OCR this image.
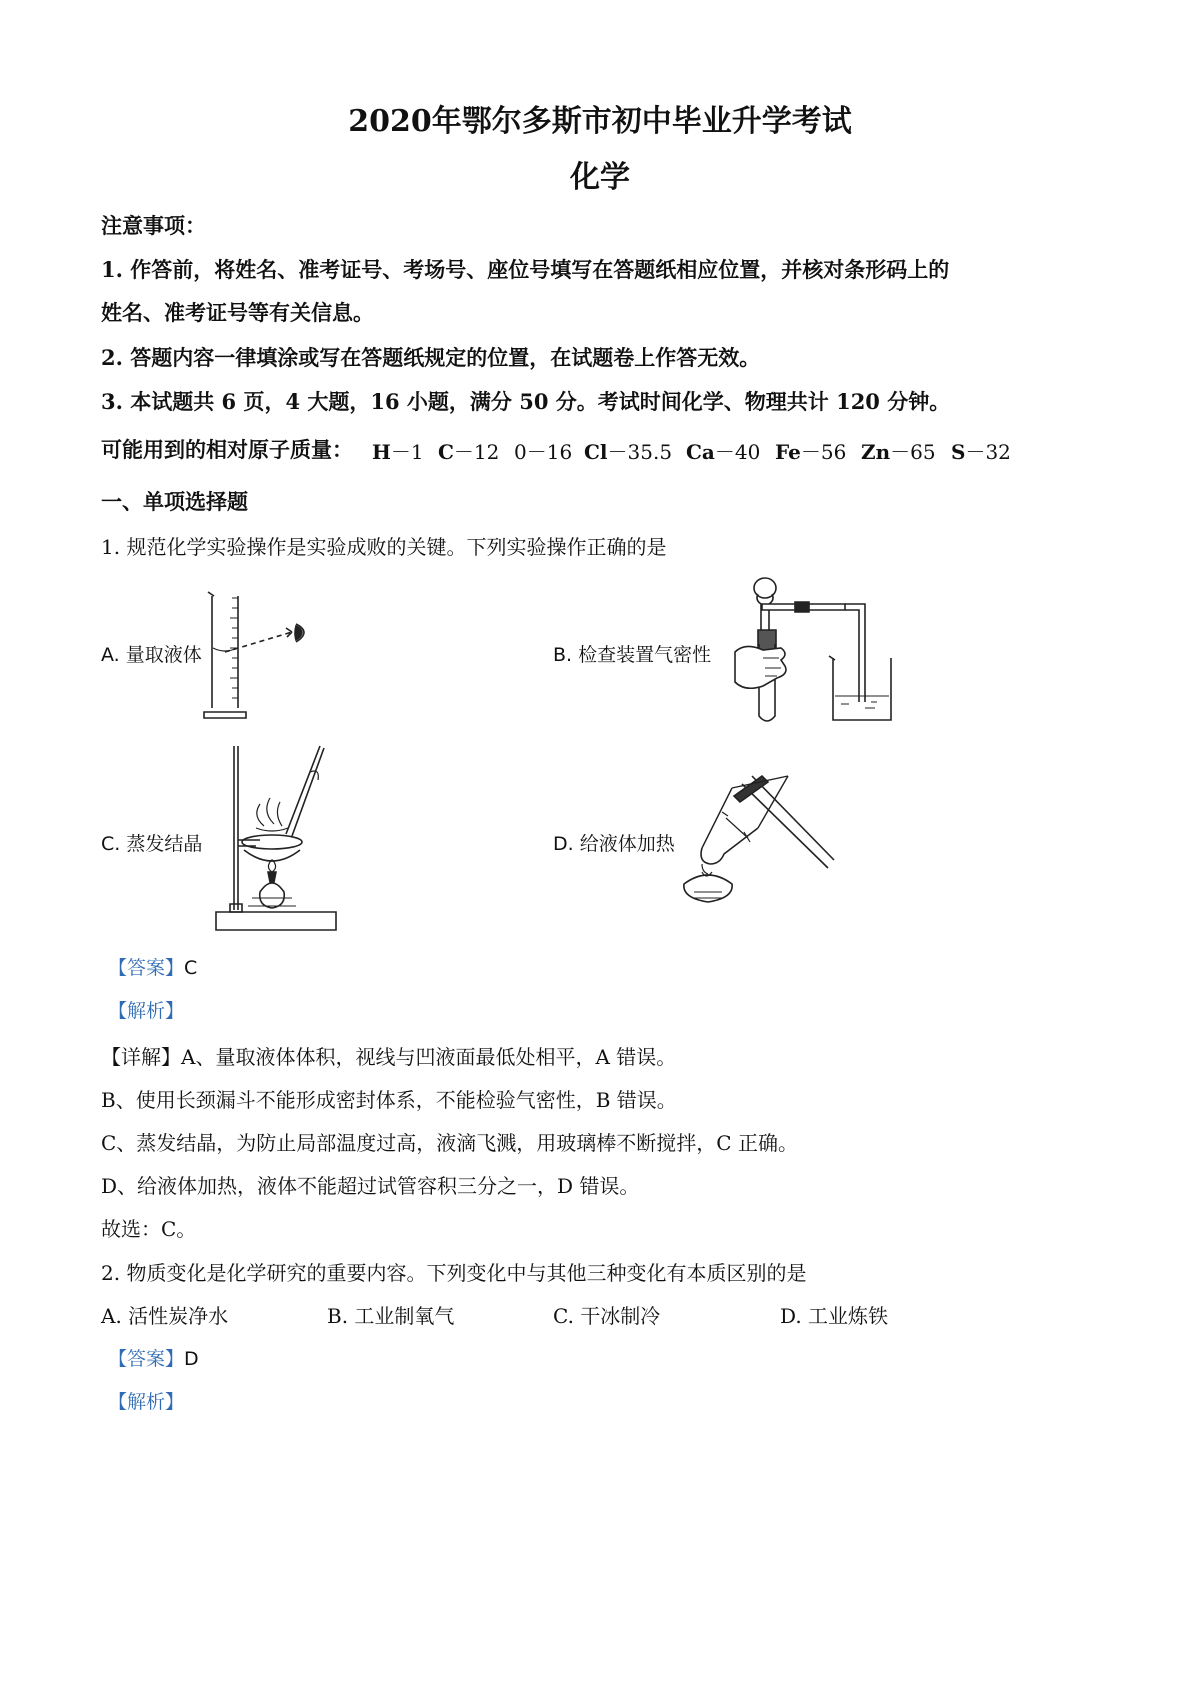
2020年鄂尔多斯市初中毕业升学考试
化学
注意事项：
1. 作答前，将姓名、准考证号、考场号、座位号填写在答题纸相应位置，并核对条形码上的
姓名、准考证号等有关信息。
2. 答题内容一律填涂或写在答题纸规定的位置，在试题卷上作答无效。
3. 本试题共 6 页，4 大题，16 小题，满分 50 分。考试时间化学、物理共计 120 分钟。
可能用到的相对原子质量： H－1 C－12 0－16 Cl－35.5 Ca－40 Fe－56 Zn－65 S－32
一、单项选择题
1. 规范化学实验操作是实验成败的关键。下列实验操作正确的是
A. 量取液体	B. 检查装置气密性
C. 蒸发结晶	D. 给液体加热
【答案】C
【解析】
【详解】A、量取液体体积，视线与凹液面最低处相平，A 错误。
B、使用长颈漏斗不能形成密封体系，不能检验气密性，B 错误。
C、蒸发结晶，为防止局部温度过高，液滴飞溅，用玻璃棒不断搅拌，C 正确。
D、给液体加热，液体不能超过试管容积三分之一，D 错误。
故选：C。
2. 物质变化是化学研究的重要内容。下列变化中与其他三种变化有本质区别的是
A. 活性炭净水	B. 工业制氧气	C. 干冰制冷	D. 工业炼铁
【答案】D
【解析】
